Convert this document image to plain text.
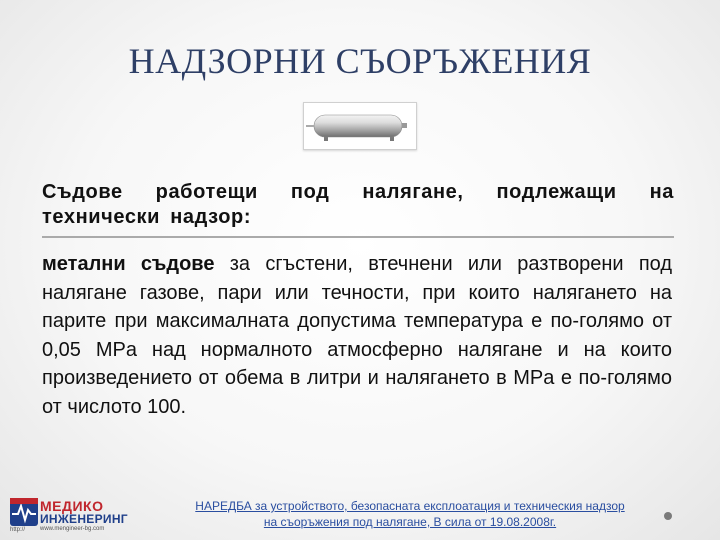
НАДЗОРНИ СЪОРЪЖЕНИЯ
Съдове работещи под налягане, подлежащи на технически надзор:
метални съдове за сгъстени, втечнени или разтворени под налягане газове, пари или течности, при които налягането на парите при максималната допустима температура е по-голямо от 0,05 MPa над нормалното атмосферно налягане и на които произведението от обема в литри и налягането в MPa е по-голямо от числото 100.
МЕДИКО
ИНЖЕНЕРИНГ
http:// www.mengineer-bg.com
НАРЕДБА за устройството, безопасната експлоатация и техническия надзор
на съоръжения под налягане, В сила от 19.08.2008г.
